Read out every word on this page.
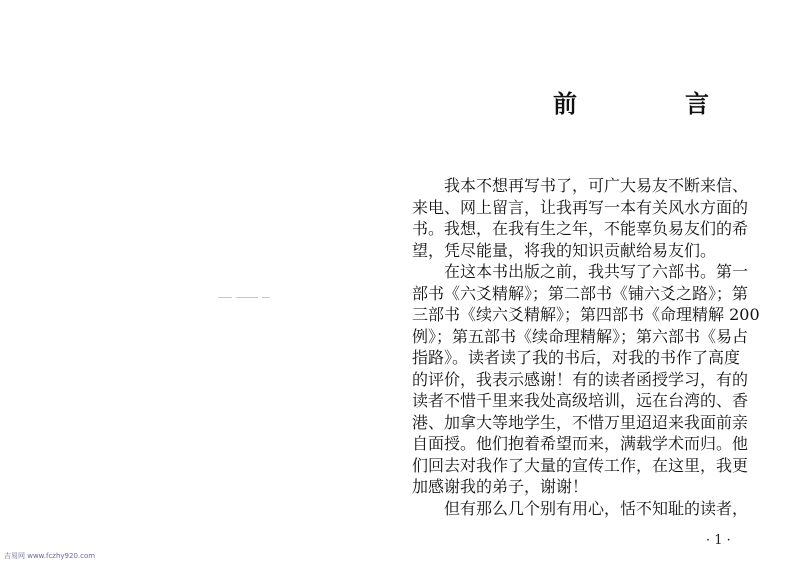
前　言
我本不想再写书了，可广大易友不断来信、
来电、网上留言，让我再写一本有关风水方面的
书。我想，在我有生之年，不能辜负易友们的希
望，凭尽能量，将我的知识贡献给易友们。
在这本书出版之前，我共写了六部书。第一
部书《六爻精解》；第二部书《铺六爻之路》；第
三部书《续六爻精解》；第四部书《命理精解 200
例》；第五部书《续命理精解》；第六部书《易占
指路》。读者读了我的书后，对我的书作了高度
的评价，我表示感谢！有的读者函授学习，有的
读者不惜千里来我处高级培训，远在台湾的、香
港、加拿大等地学生，不惜万里迢迢来我面前亲
自面授。他们抱着希望而来，满载学术而归。他
们回去对我作了大量的宣传工作，在这里，我更
加感谢我的弟子，谢谢！
但有那么几个别有用心，恬不知耻的读者，
· 1 ·
吉易网 www.fczhy920.com
